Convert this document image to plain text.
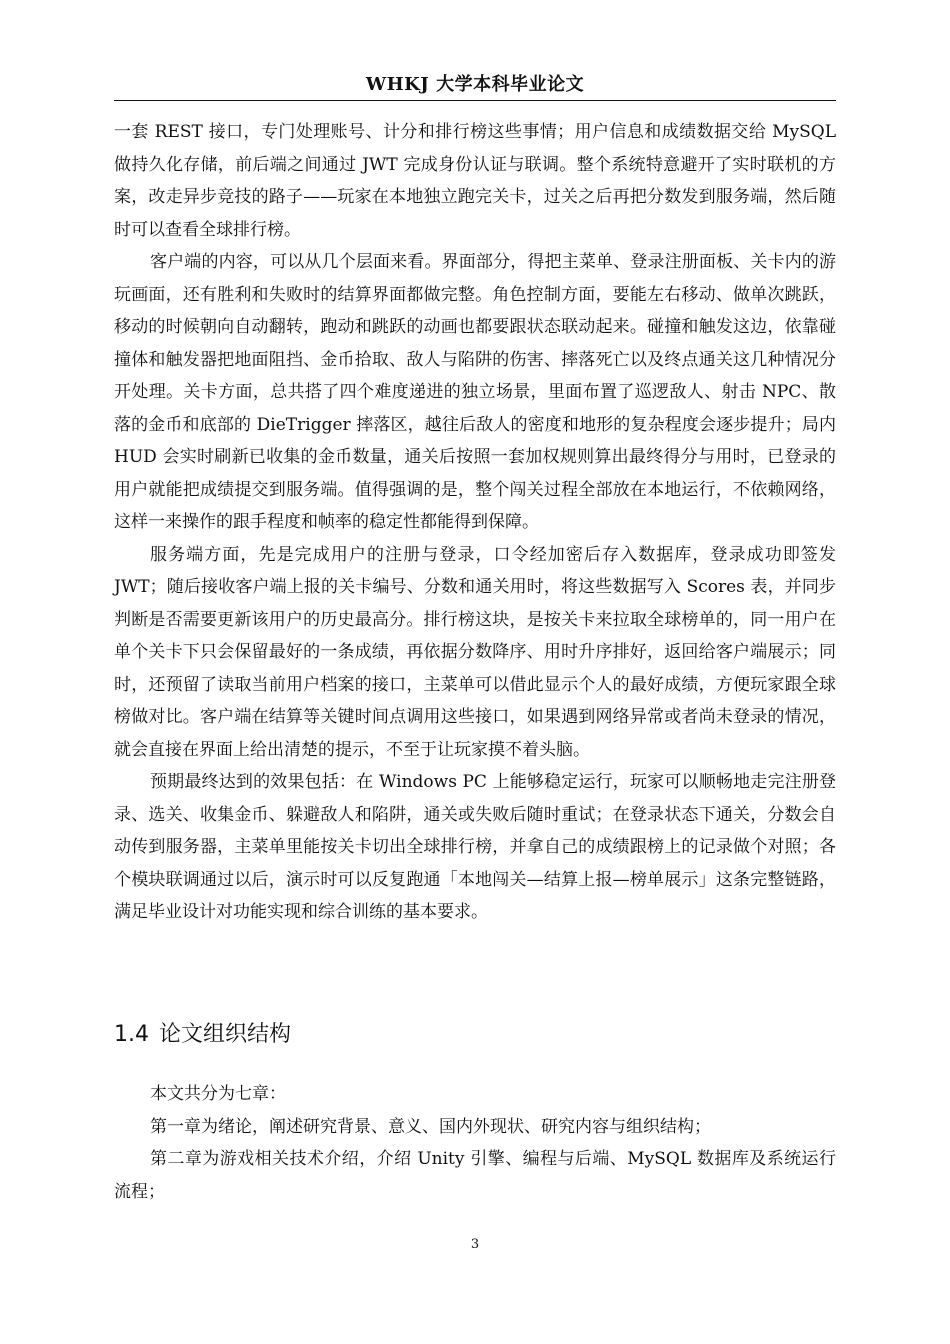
WHKJ 大学本科毕业论文

一套 REST 接口，专门处理账号、计分和排行榜这些事情；用户信息和成绩数据交给 MySQL 做持久化存储，前后端之间通过 JWT 完成身份认证与联调。整个系统特意避开了实时联机的方案，改走异步竞技的路子——玩家在本地独立跑完关卡，过关之后再把分数发到服务端，然后随时可以查看全球排行榜。

客户端的内容，可以从几个层面来看。界面部分，得把主菜单、登录注册面板、关卡内的游玩画面，还有胜利和失败时的结算界面都做完整。角色控制方面，要能左右移动、做单次跳跃，移动的时候朝向自动翻转，跑动和跳跃的动画也都要跟状态联动起来。碰撞和触发这边，依靠碰撞体和触发器把地面阻挡、金币拾取、敌人与陷阱的伤害、摔落死亡以及终点通关这几种情况分开处理。关卡方面，总共搭了四个难度递进的独立场景，里面布置了巡逻敌人、射击 NPC、散落的金币和底部的 DieTrigger 摔落区，越往后敌人的密度和地形的复杂程度会逐步提升；局内 HUD 会实时刷新已收集的金币数量，通关后按照一套加权规则算出最终得分与用时，已登录的用户就能把成绩提交到服务端。值得强调的是，整个闯关过程全部放在本地运行，不依赖网络，这样一来操作的跟手程度和帧率的稳定性都能得到保障。

服务端方面，先是完成用户的注册与登录，口令经加密后存入数据库，登录成功即签发 JWT；随后接收客户端上报的关卡编号、分数和通关用时，将这些数据写入 Scores 表，并同步判断是否需要更新该用户的历史最高分。排行榜这块，是按关卡来拉取全球榜单的，同一用户在单个关卡下只会保留最好的一条成绩，再依据分数降序、用时升序排好，返回给客户端展示；同时，还预留了读取当前用户档案的接口，主菜单可以借此显示个人的最好成绩，方便玩家跟全球榜做对比。客户端在结算等关键时间点调用这些接口，如果遇到网络异常或者尚未登录的情况，就会直接在界面上给出清楚的提示，不至于让玩家摸不着头脑。

预期最终达到的效果包括：在 Windows PC 上能够稳定运行，玩家可以顺畅地走完注册登录、选关、收集金币、躲避敌人和陷阱，通关或失败后随时重试；在登录状态下通关，分数会自动传到服务器，主菜单里能按关卡切出全球排行榜，并拿自己的成绩跟榜上的记录做个对照；各个模块联调通过以后，演示时可以反复跑通「本地闯关—结算上报—榜单展示」这条完整链路，满足毕业设计对功能实现和综合训练的基本要求。

1.4 论文组织结构

本文共分为七章：

第一章为绪论，阐述研究背景、意义、国内外现状、研究内容与组织结构；

第二章为游戏相关技术介绍，介绍 Unity 引擎、编程与后端、MySQL 数据库及系统运行流程；

3
